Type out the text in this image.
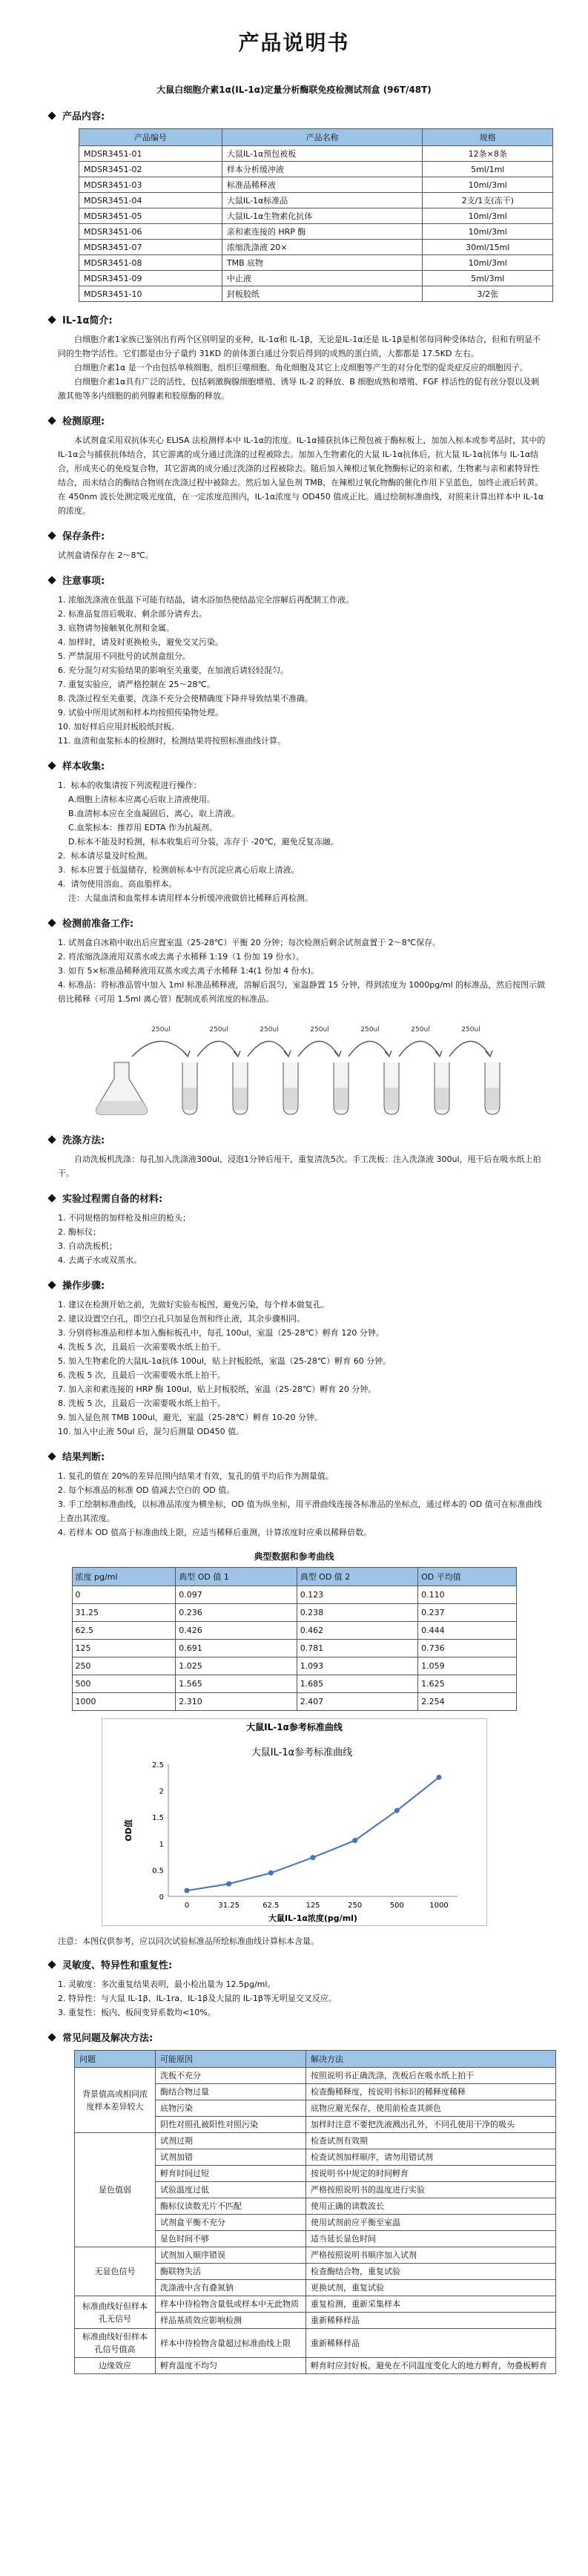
产品说明书
大鼠白细胞介素1α(IL-1α)定量分析酶联免疫检测试剂盒 (96T/48T)
产品内容:
产品编号	产品名称	规格
MDSR3451-01	大鼠IL-1α预包被板	12条×8条
MDSR3451-02	样本分析缓冲液	5ml/1ml
MDSR3451-03	标准品稀释液	10ml/3ml
MDSR3451-04	大鼠IL-1α标准品	2支/1支(冻干)
MDSR3451-05	大鼠IL-1α生物素化抗体	10ml/3ml
MDSR3451-06	亲和素连接的 HRP 酶	10ml/3ml
MDSR3451-07	浓缩洗涤液 20×	30ml/15ml
MDSR3451-08	TMB 底物	10ml/3ml
MDSR3451-09	中止液	5ml/3ml
MDSR3451-10	封板胶纸	3/2张
IL-1α简介:

白细胞介素1家族已鉴别出有两个区别明显的亚种，IL-1α和 IL-1β，无论是IL-1α还是 IL-1β是相邻每同种受体结合，但和有明显不同的生物学活性。它们都是由分子量约 31KD 的前体蛋白通过分裂后得到的成熟的蛋白质，大都都是 17.5KD 左右。

白细胞介素1α 是一个由包括单核细胞、组织巨噬细胞、角化细胞及其它上皮细胞等产生的对分化型的促炎症反应的细胞因子。

白细胞介素1α具有广泛的活性，包括刺激胸腺细胞增殖、诱导 IL-2 的释放、B 细胞成熟和增殖、FGF 样活性的促有丝分裂以及刺激其他等多内细胞的前列腺素和胶原酶的释放。

检测原理:

本试剂盒采用双抗体夹心 ELISA 法检测样本中 IL-1α的浓度。IL-1α捕获抗体已预包被于酶标板上，加加入标本或参考品时，其中的 IL-1α会与捕获抗体结合，其它游离的成分通过洗涤的过程被除去。加加入生物素化的大鼠 IL-1α抗体后，抗大鼠 IL-1α抗体与 IL-1α结合，形成夹心的免疫复合物，其它游离的成分通过洗涤的过程被除去。随后加入辣根过氧化物酶标记的亲和素，生物素与亲和素特异性结合，而未结合的酶结合物则在洗涤过程中被除去。然后加入显色剂 TMB，在辣根过氧化物酶的催化作用下呈蓝色，加终止液后转黄。在 450nm 波长处测定吸光度值，在一定浓度范围内，IL-1α浓度与 OD450 值成正比。通过绘制标准曲线，对照来计算出样本中 IL-1α的浓度。

保存条件:
试剂盒请保存在 2～8℃。
注意事项:
1. 浓缩洗涤液在低温下可能有结晶，请水浴加热使结晶完全溶解后再配制工作液。
2. 标准品复溶后吸取、剩余部分请弃去。
3. 底物请勿接触氧化剂和金属。
4. 加样时，请及时更换枪头，避免交叉污染。
5. 严禁混用不同批号的试剂盒组分。
6. 充分混匀对实验结果的影响至关重要，在加液后请轻轻混匀。
7. 重复实验应，请严格控制在 25～28℃。
8. 洗涤过程至关重要，洗涤不充分会使精确度下降并导致结果不准确。
9. 试验中所用试剂和样本均按照传染物处理。
10. 加好样后应用封板胶纸封板。
11. 血清和血浆标本的检测时，检测结果将按照标准曲线计算。
样本收集:
1.  标本的收集请按下列流程进行操作：
A.细胞上清标本应离心后取上清液使用。
B.血清标本应在全血凝固后，离心，取上清液。
C.血浆标本：推荐用 EDTA 作为抗凝剂。
D.标本不能及时检测，标本收集后可分装，冻存于 -20℃，避免反复冻融。
2.  标本请尽量及时检测。
3.  标本应置于低温储存，检测前标本中有沉淀应离心后取上清液。
4.  请勿使用溶血、高血脂样本。
注：大鼠血清和血浆样本请用样本分析缓冲液做倍比稀释后再检测。
检测前准备工作:
1. 试剂盒自冰箱中取出后应置室温（25-28℃）平衡 20 分钟；每次检测后剩余试剂盒置于 2～8℃保存。
2. 将浓缩洗涤液用双蒸水或去离子水稀释 1:19（1 份加 19 份水）。
3. 如有 5×标准品稀释液用双蒸水或去离子水稀释 1:4(1 份加 4 份水)。
4. 标准品：将标准品管中加入 1ml 标准品稀释液，溶解后混匀，室温静置 15 分钟，得到浓度为 1000pg/ml 的标准品，然后按图示做倍比稀释（可用 1.5ml 离心管）配制成系列浓度的标准品。
250ul	250ul	250ul	250ul	250ul	250ul	250ul
洗涤方法:

自动洗板机洗涤：每孔加入洗涤液300ul，浸泡1分钟后甩干，重复清洗5次。手工洗板：注入洗涤液 300ul，甩干后在吸水纸上拍干。

实验过程需自备的材料:
1. 不同规格的加样枪及相应的枪头；
2. 酶标仪；
3. 自动洗板机；
4. 去离子水或双蒸水。
操作步骤:
1. 建议在检测开始之前，先做好实验布板图，避免污染，每个样本做复孔。
2. 建议设置空白孔，即空白孔只加显色剂和终止液，其余步骤相同。
3. 分别将标准品和样本加入酶标板孔中，每孔 100ul，室温（25-28℃）孵育 120 分钟。
4. 洗板 5 次，且最后一次需要吸水纸上拍干。
5. 加入生物素化的大鼠IL-1α抗体 100ul，贴上封板胶纸，室温（25-28℃）孵育 60 分钟。
6. 洗板 5 次，且最后一次需要吸水纸上拍干。
7. 加入亲和素连接的 HRP 酶 100ul，贴上封板胶纸，室温（25-28℃）孵育 20 分钟。
8. 洗板 5 次，且最后一次需要吸水纸上拍干。
9. 加入显色剂 TMB 100ul，避光，室温（25-28℃）孵育 10-20 分钟。
10. 加入中止液 50ul 后，混匀后测量 OD450 值。
结果判断:
1. 复孔的值在 20%的差异范围内结果才有效，复孔的值平均后作为测量值。
2. 每个标准品的标准 OD 值减去空白的 OD 值。
3. 手工绘制标准曲线，以标准品浓度为横坐标，OD 值为纵坐标，用平滑曲线连接各标准品的坐标点，通过样本的 OD 值可在标准曲线上查出其浓度。
4. 若样本 OD 值高于标准曲线上限，应适当稀释后重测，计算浓度时应乘以稀释倍数。
典型数据和参考曲线
浓度 pg/ml	典型 OD 值 1	典型 OD 值 2	OD 平均值
0	0.097	0.123	0.110
31.25	0.236	0.238	0.237
62.5	0.426	0.462	0.444
125	0.691	0.781	0.736
250	1.025	1.093	1.059
500	1.565	1.685	1.625
1000	2.310	2.407	2.254
大鼠IL-1α参考标准曲线
大鼠IL-1α参考标准曲线
0
0.5
1
1.5
2
2.5
0	31.25	62.5	125	250	500	1000
OD值
大鼠IL-1α浓度(pg/ml)
注意：本图仅供参考，应以同次试验标准品所绘标准曲线计算标本含量。
灵敏度、特异性和重复性:
1. 灵敏度：多次重复结果表明，最小检出量为 12.5pg/ml。
2. 特异性：与大鼠 IL-1β、IL-1ra、IL-1β及大鼠的 IL-1β等无明显交叉反应。
3. 重复性：板内、板间变异系数均<10%。
常见问题及解决方法:
问题	可能原因	解决方法
背景值高或相同浓度样本差异较大	洗板不充分	按照说明书正确洗涤，洗板后在吸水纸上拍干
	酶结合物过量	检查酶稀释度，按说明书标识的稀释度稀释
	底物污染	底物应避光保存，使用前检查其颜色
	阴性对照孔被阳性对照污染	加样时注意不要把洗液溅出孔外，不同孔使用干净的吸头
显色值弱	试剂过期	检查试剂有效期
	试剂加错	检查试剂加样顺序，请勿用错试剂
	孵育时间过短	按说明书中规定的时间孵育
	试验温度过低	严格按照说明书的温度进行实验
	酶标仪读数光片不匹配	使用正确的读数波长
	试剂盒平衡不充分	使用试剂前应平衡至室温
	显色时间不够	适当延长显色时间
无显色信号	试剂加入顺序错误	严格按照说明书顺序加入试剂
	酶联物失活	检查酶结合物，重复试验
	洗涤液中含有叠氮钠	更换试剂，重复试验
标准曲线好但样本孔无信号	样本中待检物含量低或样本中无此物质	重复检测，重新采集样本
	样品基质效应影响检测	重新稀释样品
标准曲线好但样本孔信号值高	样本中待检物含量超过标准曲线上限	重新稀释样品
边缘效应	孵育温度不均匀	孵育时应封好板，避免在不同温度变化大的地方孵育，勿叠板孵育
